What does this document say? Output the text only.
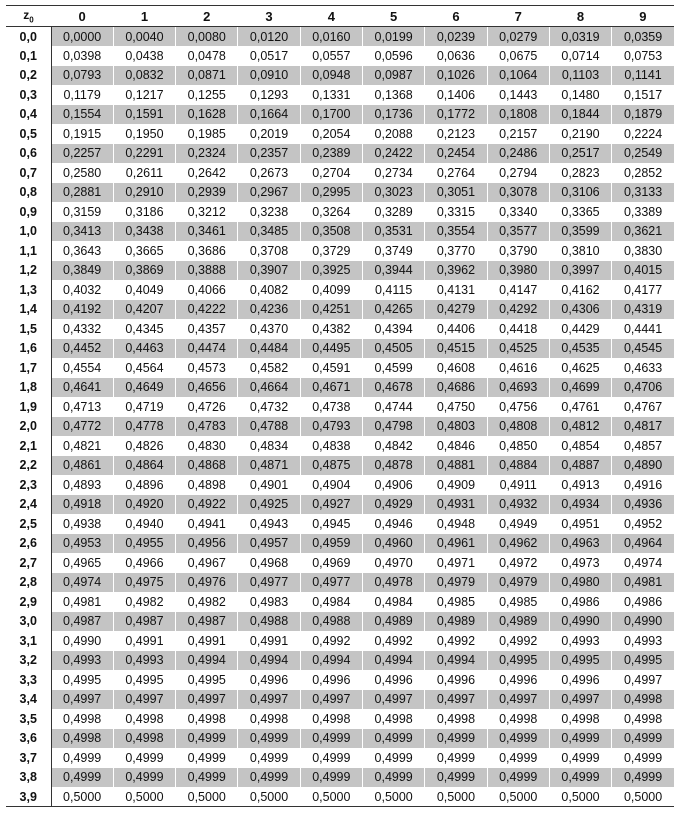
$z_0$	0	1	2	3	4	5	6	7	8	9
0,0	0,0000	0,0040	0,0080	0,0120	0,0160	0,0199	0,0239	0,0279	0,0319	0,0359
0,1	0,0398	0,0438	0,0478	0,0517	0,0557	0,0596	0,0636	0,0675	0,0714	0,0753
0,2	0,0793	0,0832	0,0871	0,0910	0,0948	0,0987	0,1026	0,1064	0,1103	0,1141
0,3	0,1179	0,1217	0,1255	0,1293	0,1331	0,1368	0,1406	0,1443	0,1480	0,1517
0,4	0,1554	0,1591	0,1628	0,1664	0,1700	0,1736	0,1772	0,1808	0,1844	0,1879
0,5	0,1915	0,1950	0,1985	0,2019	0,2054	0,2088	0,2123	0,2157	0,2190	0,2224
0,6	0,2257	0,2291	0,2324	0,2357	0,2389	0,2422	0,2454	0,2486	0,2517	0,2549
0,7	0,2580	0,2611	0,2642	0,2673	0,2704	0,2734	0,2764	0,2794	0,2823	0,2852
0,8	0,2881	0,2910	0,2939	0,2967	0,2995	0,3023	0,3051	0,3078	0,3106	0,3133
0,9	0,3159	0,3186	0,3212	0,3238	0,3264	0,3289	0,3315	0,3340	0,3365	0,3389
1,0	0,3413	0,3438	0,3461	0,3485	0,3508	0,3531	0,3554	0,3577	0,3599	0,3621
1,1	0,3643	0,3665	0,3686	0,3708	0,3729	0,3749	0,3770	0,3790	0,3810	0,3830
1,2	0,3849	0,3869	0,3888	0,3907	0,3925	0,3944	0,3962	0,3980	0,3997	0,4015
1,3	0,4032	0,4049	0,4066	0,4082	0,4099	0,4115	0,4131	0,4147	0,4162	0,4177
1,4	0,4192	0,4207	0,4222	0,4236	0,4251	0,4265	0,4279	0,4292	0,4306	0,4319
1,5	0,4332	0,4345	0,4357	0,4370	0,4382	0,4394	0,4406	0,4418	0,4429	0,4441
1,6	0,4452	0,4463	0,4474	0,4484	0,4495	0,4505	0,4515	0,4525	0,4535	0,4545
1,7	0,4554	0,4564	0,4573	0,4582	0,4591	0,4599	0,4608	0,4616	0,4625	0,4633
1,8	0,4641	0,4649	0,4656	0,4664	0,4671	0,4678	0,4686	0,4693	0,4699	0,4706
1,9	0,4713	0,4719	0,4726	0,4732	0,4738	0,4744	0,4750	0,4756	0,4761	0,4767
2,0	0,4772	0,4778	0,4783	0,4788	0,4793	0,4798	0,4803	0,4808	0,4812	0,4817
2,1	0,4821	0,4826	0,4830	0,4834	0,4838	0,4842	0,4846	0,4850	0,4854	0,4857
2,2	0,4861	0,4864	0,4868	0,4871	0,4875	0,4878	0,4881	0,4884	0,4887	0,4890
2,3	0,4893	0,4896	0,4898	0,4901	0,4904	0,4906	0,4909	0,4911	0,4913	0,4916
2,4	0,4918	0,4920	0,4922	0,4925	0,4927	0,4929	0,4931	0,4932	0,4934	0,4936
2,5	0,4938	0,4940	0,4941	0,4943	0,4945	0,4946	0,4948	0,4949	0,4951	0,4952
2,6	0,4953	0,4955	0,4956	0,4957	0,4959	0,4960	0,4961	0,4962	0,4963	0,4964
2,7	0,4965	0,4966	0,4967	0,4968	0,4969	0,4970	0,4971	0,4972	0,4973	0,4974
2,8	0,4974	0,4975	0,4976	0,4977	0,4977	0,4978	0,4979	0,4979	0,4980	0,4981
2,9	0,4981	0,4982	0,4982	0,4983	0,4984	0,4984	0,4985	0,4985	0,4986	0,4986
3,0	0,4987	0,4987	0,4987	0,4988	0,4988	0,4989	0,4989	0,4989	0,4990	0,4990
3,1	0,4990	0,4991	0,4991	0,4991	0,4992	0,4992	0,4992	0,4992	0,4993	0,4993
3,2	0,4993	0,4993	0,4994	0,4994	0,4994	0,4994	0,4994	0,4995	0,4995	0,4995
3,3	0,4995	0,4995	0,4995	0,4996	0,4996	0,4996	0,4996	0,4996	0,4996	0,4997
3,4	0,4997	0,4997	0,4997	0,4997	0,4997	0,4997	0,4997	0,4997	0,4997	0,4998
3,5	0,4998	0,4998	0,4998	0,4998	0,4998	0,4998	0,4998	0,4998	0,4998	0,4998
3,6	0,4998	0,4998	0,4999	0,4999	0,4999	0,4999	0,4999	0,4999	0,4999	0,4999
3,7	0,4999	0,4999	0,4999	0,4999	0,4999	0,4999	0,4999	0,4999	0,4999	0,4999
3,8	0,4999	0,4999	0,4999	0,4999	0,4999	0,4999	0,4999	0,4999	0,4999	0,4999
3,9	0,5000	0,5000	0,5000	0,5000	0,5000	0,5000	0,5000	0,5000	0,5000	0,5000
